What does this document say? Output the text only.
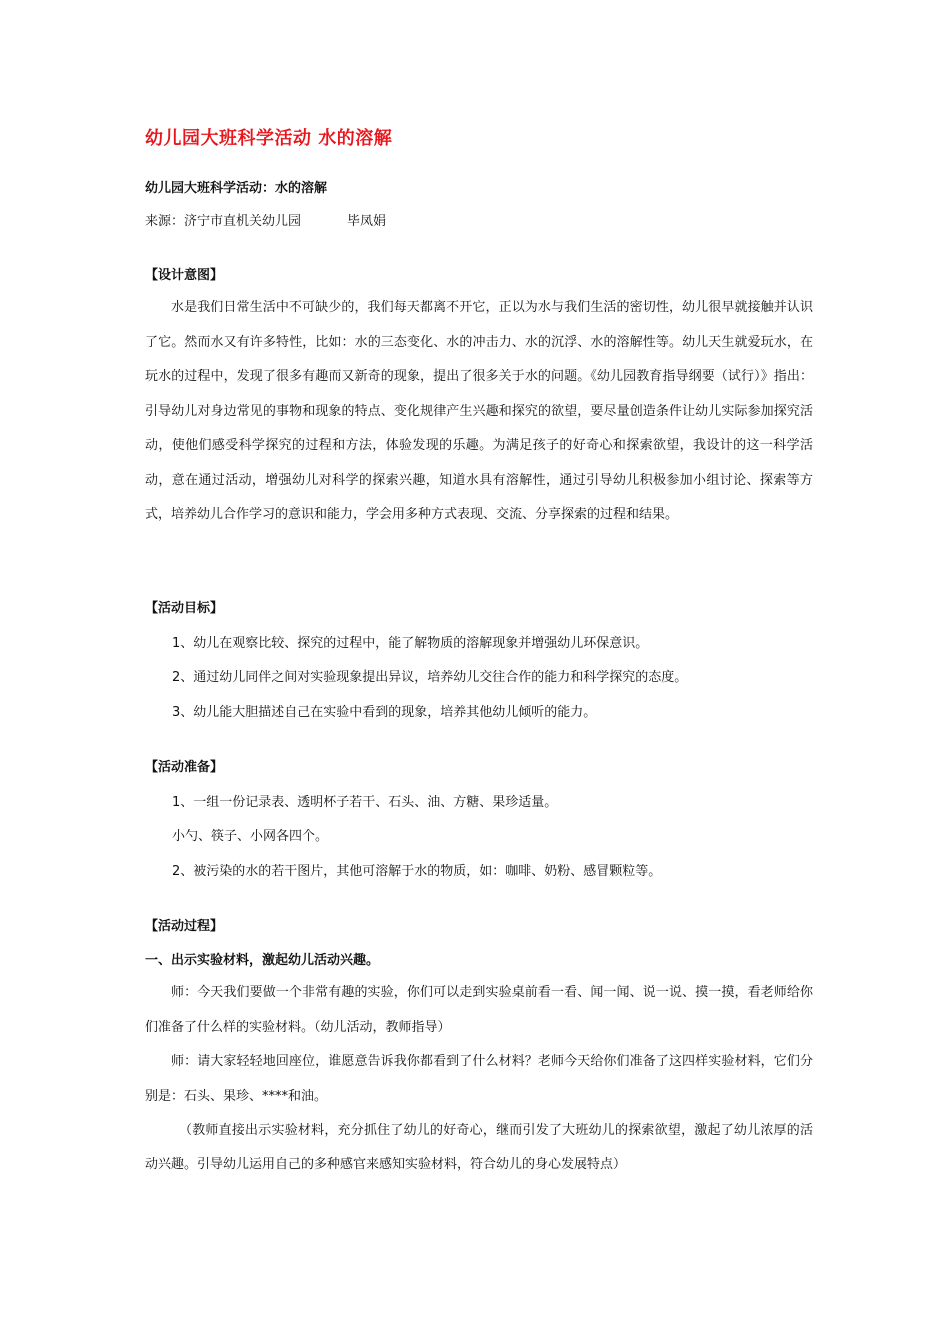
幼儿园大班科学活动 水的溶解

幼儿园大班科学活动：水的溶解

来源：济宁市直机关幼儿园	毕凤娟

【设计意图】

水是我们日常生活中不可缺少的，我们每天都离不开它，正以为水与我们生活的密切性，幼儿很早就接触并认识了它。然而水又有许多特性，比如：水的三态变化、水的冲击力、水的沉浮、水的溶解性等。幼儿天生就爱玩水，在玩水的过程中，发现了很多有趣而又新奇的现象，提出了很多关于水的问题。《幼儿园教育指导纲要（试行）》指出：引导幼儿对身边常见的事物和现象的特点、变化规律产生兴趣和探究的欲望，要尽量创造条件让幼儿实际参加探究活动，使他们感受科学探究的过程和方法，体验发现的乐趣。为满足孩子的好奇心和探索欲望，我设计的这一科学活动，意在通过活动，增强幼儿对科学的探索兴趣，知道水具有溶解性，通过引导幼儿积极参加小组讨论、探索等方式，培养幼儿合作学习的意识和能力，学会用多种方式表现、交流、分享探索的过程和结果。

【活动目标】

1、幼儿在观察比较、探究的过程中，能了解物质的溶解现象并增强幼儿环保意识。

2、通过幼儿同伴之间对实验现象提出异议，培养幼儿交往合作的能力和科学探究的态度。

3、幼儿能大胆描述自己在实验中看到的现象，培养其他幼儿倾听的能力。

【活动准备】

1、一组一份记录表、透明杯子若干、石头、油、方糖、果珍适量。

小勺、筷子、小网各四个。

2、被污染的水的若干图片，其他可溶解于水的物质，如：咖啡、奶粉、感冒颗粒等。

【活动过程】

一、出示实验材料，激起幼儿活动兴趣。

师：今天我们要做一个非常有趣的实验，你们可以走到实验桌前看一看、闻一闻、说一说、摸一摸，看老师给你们准备了什么样的实验材料。（幼儿活动，教师指导）

师：请大家轻轻地回座位，谁愿意告诉我你都看到了什么材料？老师今天给你们准备了这四样实验材料，它们分别是：石头、果珍、****和油。

（教师直接出示实验材料，充分抓住了幼儿的好奇心，继而引发了大班幼儿的探索欲望，激起了幼儿浓厚的活动兴趣。引导幼儿运用自己的多种感官来感知实验材料，符合幼儿的身心发展特点）
